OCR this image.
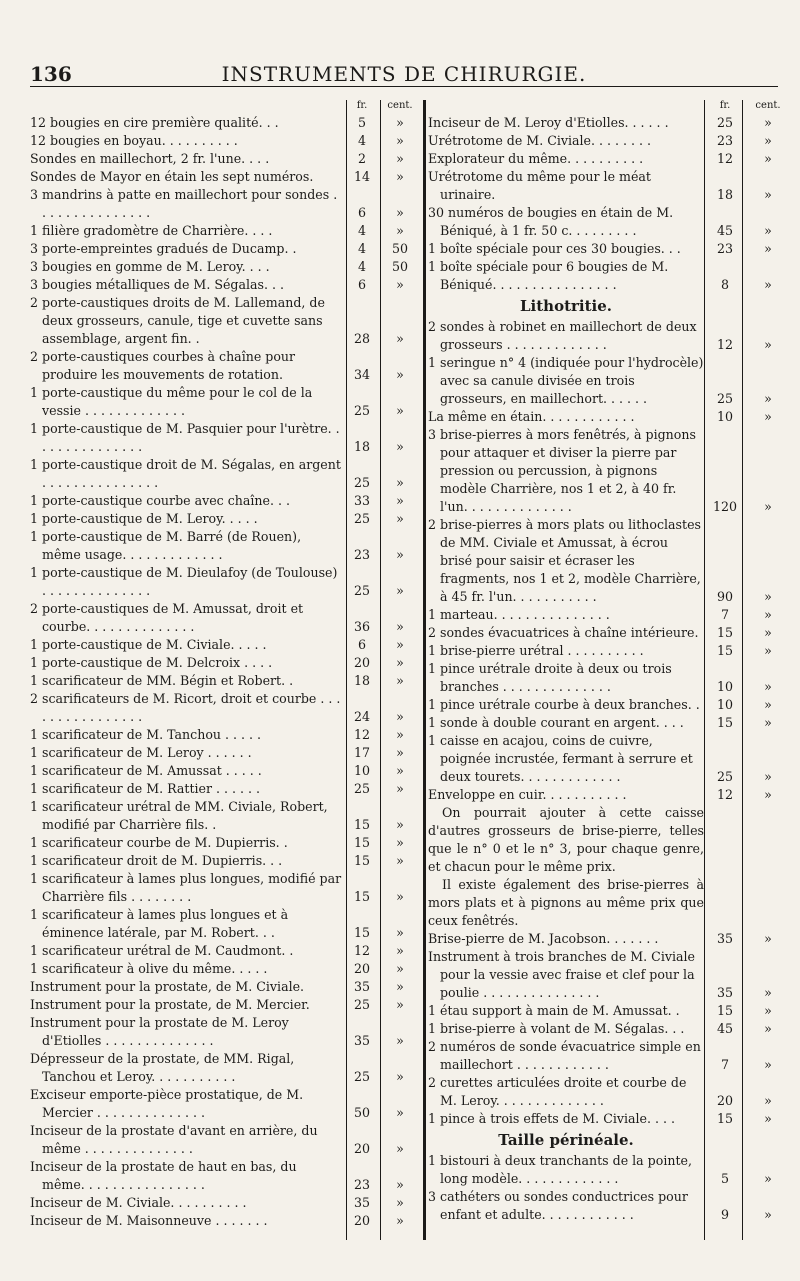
136	INSTRUMENTS DE CHIRURGIE.
fr.	cent.
12 bougies en cire première qualité. . .	5	»
12 bougies en boyau. . . . . . . . . .	4	»
Sondes en maillechort, 2 fr. l'une. . . .	2	»
Sondes de Mayor en étain les sept numéros.	14	»
3 mandrins à patte en maillechort pour sondes . . . . . . . . . . . . . . .	6	»
1 filière gradomètre de Charrière. . . .	4	»
3 porte-empreintes gradués de Ducamp. .	4	50
3 bougies en gomme de M. Leroy. . . .	4	50
3 bougies métalliques de M. Ségalas. . .	6	»
2 porte-caustiques droits de M. Lallemand, de deux grosseurs, canule, tige et cuvette sans assemblage, argent fin. .	28	»
2 porte-caustiques courbes à chaîne pour produire les mouvements de rotation.	34	»
1 porte-caustique du même pour le col de la vessie . . . . . . . . . . . . .	25	»
1 porte-caustique de M. Pasquier pour l'urètre. . . . . . . . . . . . . . .	18	»
1 porte-caustique droit de M. Ségalas, en argent . . . . . . . . . . . . . . .	25	»
1 porte-caustique courbe avec chaîne. . .	33	»
1 porte-caustique de M. Leroy. . . . .	25	»
1 porte-caustique de M. Barré (de Rouen), même usage. . . . . . . . . . . . .	23	»
1 porte-caustique de M. Dieulafoy (de Toulouse) . . . . . . . . . . . . . .	25	»
2 porte-caustiques de M. Amussat, droit et courbe. . . . . . . . . . . . . .	36	»
1 porte-caustique de M. Civiale. . . . .	6	»
1 porte-caustique de M. Delcroix . . . .	20	»
1 scarificateur de MM. Bégin et Robert. .	18	»
2 scarificateurs de M. Ricort, droit et courbe . . . . . . . . . . . . . . . .	24	»
1 scarificateur de M. Tanchou . . . . .	12	»
1 scarificateur de M. Leroy . . . . . .	17	»
1 scarificateur de M. Amussat . . . . .	10	»
1 scarificateur de M. Rattier . . . . . .	25	»
1 scarificateur urétral de MM. Civiale, Robert, modifié par Charrière fils. .	15	»
1 scarificateur courbe de M. Dupierris. .	15	»
1 scarificateur droit de M. Dupierris. . .	15	»
1 scarificateur à lames plus longues, modifié par Charrière fils . . . . . . . .	15	»
1 scarificateur à lames plus longues et à éminence latérale, par M. Robert. . .	15	»
1 scarificateur urétral de M. Caudmont. .	12	»
1 scarificateur à olive du même. . . . .	20	»
Instrument pour la prostate, de M. Civiale.	35	»
Instrument pour la prostate, de M. Mercier.	25	»
Instrument pour la prostate de M. Leroy d'Etiolles . . . . . . . . . . . . . .	35	»
Dépresseur de la prostate, de MM. Rigal, Tanchou et Leroy. . . . . . . . . . .	25	»
Exciseur emporte-pièce prostatique, de M. Mercier . . . . . . . . . . . . . .	50	»
Inciseur de la prostate d'avant en arrière, du même . . . . . . . . . . . . . .	20	»
Inciseur de la prostate de haut en bas, du même. . . . . . . . . . . . . . . .	23	»
Inciseur de M. Civiale. . . . . . . . . .	35	»
Inciseur de M. Maisonneuve . . . . . . .	20	»
fr.	cent.
Inciseur de M. Leroy d'Etiolles. . . . . .	25	»
Urétrotome de M. Civiale. . . . . . . .	23	»
Explorateur du même. . . . . . . . . .	12	»
Urétrotome du même pour le méat urinaire.	18	»
30 numéros de bougies en étain de M. Béniqué, à 1 fr. 50 c. . . . . . . . .	45	»
1 boîte spéciale pour ces 30 bougies. . .	23	»
1 boîte spéciale pour 6 bougies de M. Béniqué. . . . . . . . . . . . . . . .	8	»
Lithotritie.
2 sondes à robinet en maillechort de deux grosseurs . . . . . . . . . . . . .	12	»
1 seringue n° 4 (indiquée pour l'hydrocèle) avec sa canule divisée en trois grosseurs, en maillechort. . . . . .	25	»
La même en étain. . . . . . . . . . . .	10	»
3 brise-pierres à mors fenêtrés, à pignons pour attaquer et diviser la pierre par pression ou percussion, à pignons modèle Charrière, nos 1 et 2, à 40 fr. l'un. . . . . . . . . . . . . .	120	»
2 brise-pierres à mors plats ou lithoclastes de MM. Civiale et Amussat, à écrou brisé pour saisir et écraser les fragments, nos 1 et 2, modèle Charrière, à 45 fr. l'un. . . . . . . . . . .	90	»
1 marteau. . . . . . . . . . . . . . .	7	»
2 sondes évacuatrices à chaîne intérieure.	15	»
1 brise-pierre urétral . . . . . . . . . .	15	»
1 pince urétrale droite à deux ou trois branches . . . . . . . . . . . . . .	10	»
1 pince urétrale courbe à deux branches. .	10	»
1 sonde à double courant en argent. . . .	15	»
1 caisse en acajou, coins de cuivre, poignée incrustée, fermant à serrure et deux tourets. . . . . . . . . . . . .	25	»
Enveloppe en cuir. . . . . . . . . . .	12	»
On pourrait ajouter à cette caisse d'autres grosseurs de brise-pierre, telles que le n° 0 et le n° 3, pour chaque genre, et chacun pour le même prix.
Il existe également des brise-pierres à mors plats et à pignons au même prix que ceux fenêtrés.
Brise-pierre de M. Jacobson. . . . . . .	35	»
Instrument à trois branches de M. Civiale pour la vessie avec fraise et clef pour la poulie . . . . . . . . . . . . . . .	35	»
1 étau support à main de M. Amussat. .	15	»
1 brise-pierre à volant de M. Ségalas. . .	45	»
2 numéros de sonde évacuatrice simple en maillechort . . . . . . . . . . . .	7	»
2 curettes articulées droite et courbe de M. Leroy. . . . . . . . . . . . . .	20	»
1 pince à trois effets de M. Civiale. . . .	15	»
Taille périnéale.
1 bistouri à deux tranchants de la pointe, long modèle. . . . . . . . . . . . .	5	»
3 cathéters ou sondes conductrices pour enfant et adulte. . . . . . . . . . . .	9	»
